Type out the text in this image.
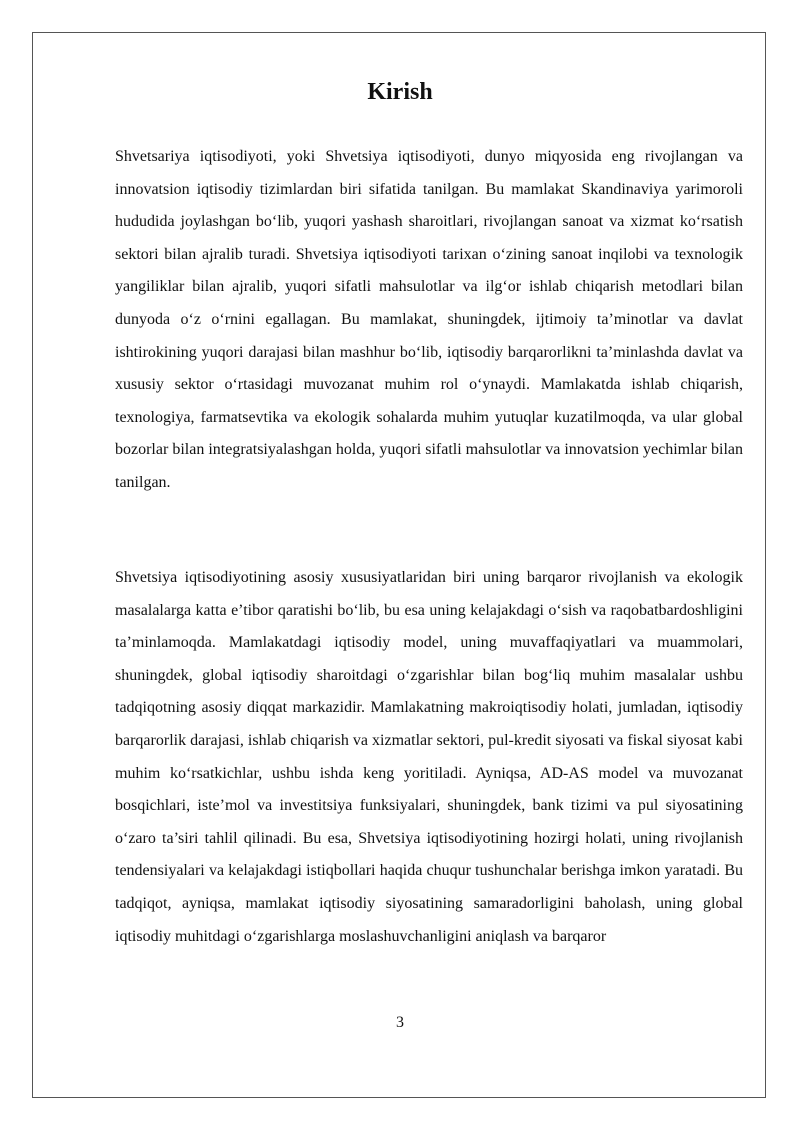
Kirish

Shvetsariya iqtisodiyoti, yoki Shvetsiya iqtisodiyoti, dunyo miqyosida eng rivojlangan va innovatsion iqtisodiy tizimlardan biri sifatida tanilgan. Bu mamlakat Skandinaviya yarimoroli hududida joylashgan bo‘lib, yuqori yashash sharoitlari, rivojlangan sanoat va xizmat ko‘rsatish sektori bilan ajralib turadi. Shvetsiya iqtisodiyoti tarixan o‘zining sanoat inqilobi va texnologik yangiliklar bilan ajralib, yuqori sifatli mahsulotlar va ilg‘or ishlab chiqarish metodlari bilan dunyoda o‘z o‘rnini egallagan. Bu mamlakat, shuningdek, ijtimoiy ta’minotlar va davlat ishtirokining yuqori darajasi bilan mashhur bo‘lib, iqtisodiy barqarorlikni ta’minlashda davlat va xususiy sektor o‘rtasidagi muvozanat muhim rol o‘ynaydi. Mamlakatda ishlab chiqarish, texnologiya, farmatsevtika va ekologik sohalarda muhim yutuqlar kuzatilmoqda, va ular global bozorlar bilan integratsiyalashgan holda, yuqori sifatli mahsulotlar va innovatsion yechimlar bilan tanilgan.

Shvetsiya iqtisodiyotining asosiy xususiyatlaridan biri uning barqaror rivojlanish va ekologik masalalarga katta e’tibor qaratishi bo‘lib, bu esa uning kelajakdagi o‘sish va raqobatbardoshligini ta’minlamoqda. Mamlakatdagi iqtisodiy model, uning muvaffaqiyatlari va muammolari, shuningdek, global iqtisodiy sharoitdagi o‘zgarishlar bilan bog‘liq muhim masalalar ushbu tadqiqotning asosiy diqqat markazidir. Mamlakatning makroiqtisodiy holati, jumladan, iqtisodiy barqarorlik darajasi, ishlab chiqarish va xizmatlar sektori, pul-kredit siyosati va fiskal siyosat kabi muhim ko‘rsatkichlar, ushbu ishda keng yoritiladi. Ayniqsa, AD-AS model va muvozanat bosqichlari, iste’mol va investitsiya funksiyalari, shuningdek, bank tizimi va pul siyosatining o‘zaro ta’siri tahlil qilinadi. Bu esa, Shvetsiya iqtisodiyotining hozirgi holati, uning rivojlanish tendensiyalari va kelajakdagi istiqbollari haqida chuqur tushunchalar berishga imkon yaratadi. Bu tadqiqot, ayniqsa, mamlakat iqtisodiy siyosatining samaradorligini baholash, uning global iqtisodiy muhitdagi o‘zgarishlarga moslashuvchanligini aniqlash va barqaror

3
